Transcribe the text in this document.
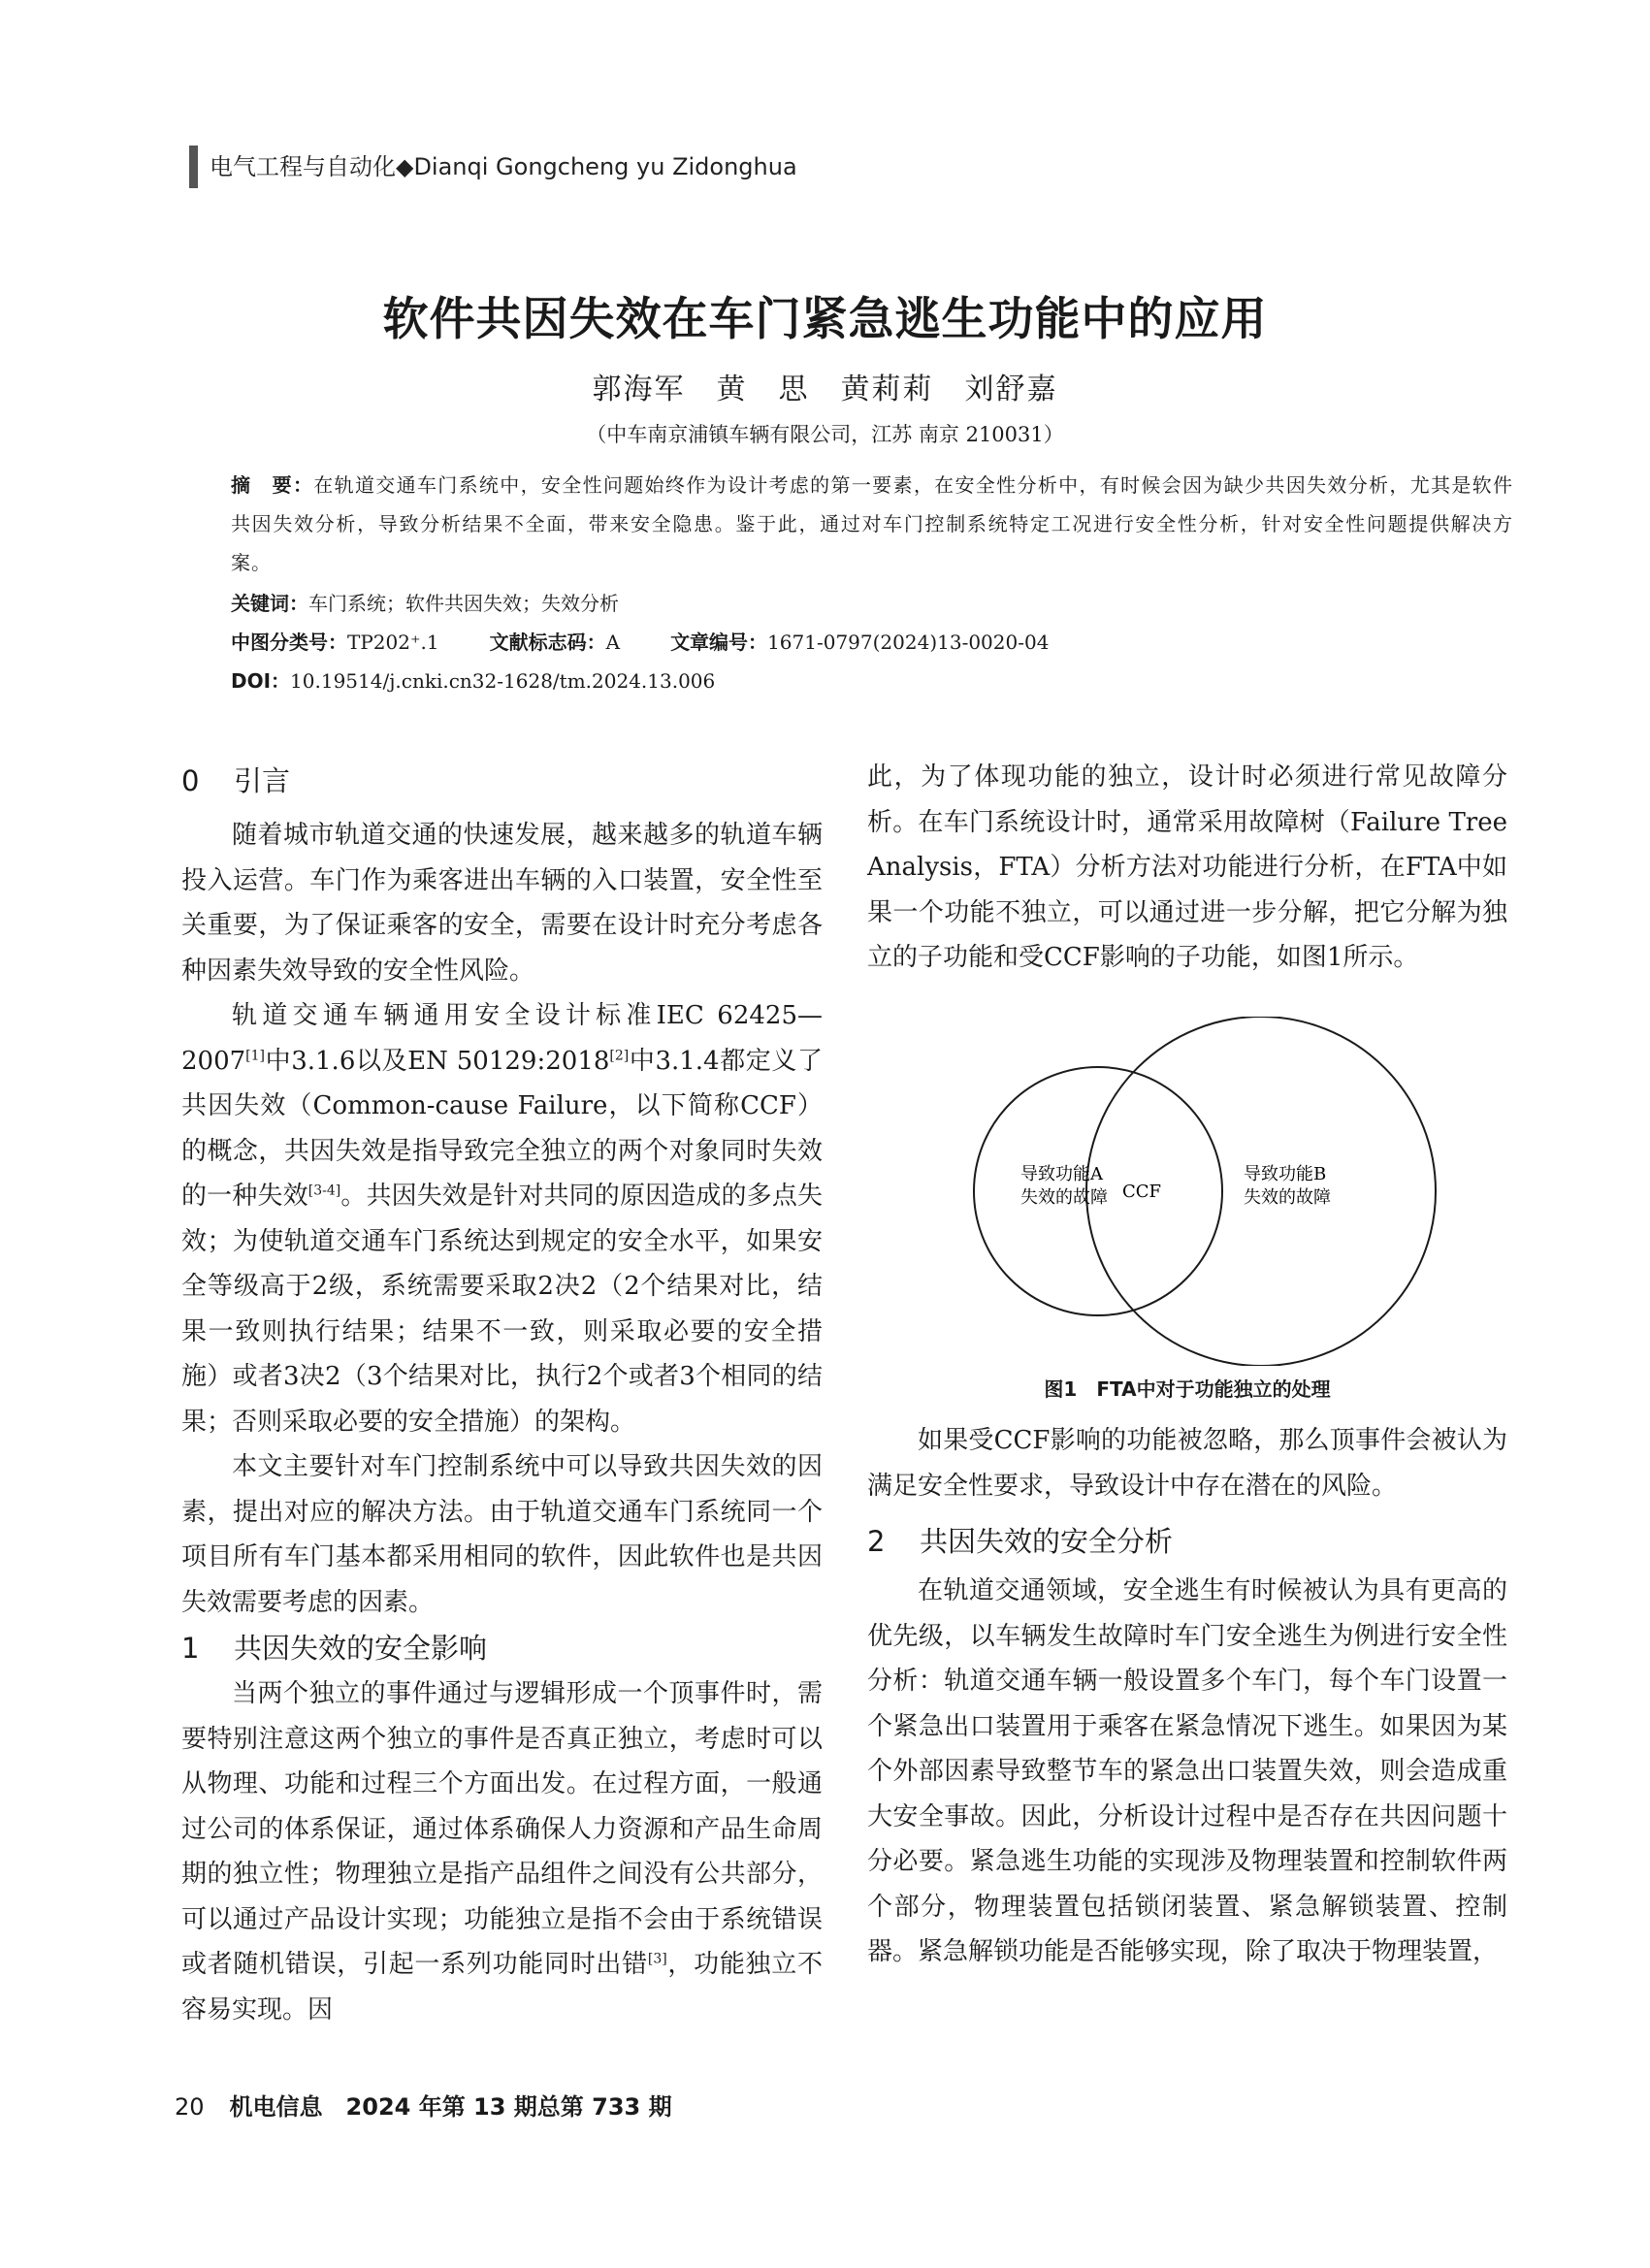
电气工程与自动化◆Dianqi Gongcheng yu Zidonghua
软件共因失效在车门紧急逃生功能中的应用
郭海军　黄　思　黄莉莉　刘舒嘉
（中车南京浦镇车辆有限公司，江苏 南京 210031）
摘　要：在轨道交通车门系统中，安全性问题始终作为设计考虑的第一要素，在安全性分析中，有时候会因为缺少共因失效分析，尤其是软件共因失效分析，导致分析结果不全面，带来安全隐患。鉴于此，通过对车门控制系统特定工况进行安全性分析，针对安全性问题提供解决方案。
关键词：车门系统；软件共因失效；失效分析
中图分类号：TP202⁺.1	文献标志码：A	文章编号：1671-0797(2024)13-0020-04
DOI：10.19514/j.cnki.cn32-1628/tm.2024.13.006
0 引言

随着城市轨道交通的快速发展，越来越多的轨道车辆投入运营。车门作为乘客进出车辆的入口装置，安全性至关重要，为了保证乘客的安全，需要在设计时充分考虑各种因素失效导致的安全性风险。

轨道交通车辆通用安全设计标准IEC 62425—2007[1]中3.1.6以及EN 50129:2018[2]中3.1.4都定义了共因失效（Common-cause Failure，以下简称CCF）的概念，共因失效是指导致完全独立的两个对象同时失效的一种失效[3-4]。共因失效是针对共同的原因造成的多点失效；为使轨道交通车门系统达到规定的安全水平，如果安全等级高于2级，系统需要采取2决2（2个结果对比，结果一致则执行结果；结果不一致，则采取必要的安全措施）或者3决2（3个结果对比，执行2个或者3个相同的结果；否则采取必要的安全措施）的架构。

本文主要针对车门控制系统中可以导致共因失效的因素，提出对应的解决方法。由于轨道交通车门系统同一个项目所有车门基本都采用相同的软件，因此软件也是共因失效需要考虑的因素。

1 共因失效的安全影响

当两个独立的事件通过与逻辑形成一个顶事件时，需要特别注意这两个独立的事件是否真正独立，考虑时可以从物理、功能和过程三个方面出发。在过程方面，一般通过公司的体系保证，通过体系确保人力资源和产品生命周期的独立性；物理独立是指产品组件之间没有公共部分，可以通过产品设计实现；功能独立是指不会由于系统错误或者随机错误，引起一系列功能同时出错[3]，功能独立不容易实现。因

此，为了体现功能的独立，设计时必须进行常见故障分析。在车门系统设计时，通常采用故障树（Failure Tree Analysis，FTA）分析方法对功能进行分析，在FTA中如果一个功能不独立，可以通过进一步分解，把它分解为独立的子功能和受CCF影响的子功能，如图1所示。

导致功能A
失效的故障 CCF
导致功能B
失效的故障
图1　FTA中对于功能独立的处理

如果受CCF影响的功能被忽略，那么顶事件会被认为满足安全性要求，导致设计中存在潜在的风险。

2 共因失效的安全分析

在轨道交通领域，安全逃生有时候被认为具有更高的优先级，以车辆发生故障时车门安全逃生为例进行安全性分析：轨道交通车辆一般设置多个车门，每个车门设置一个紧急出口装置用于乘客在紧急情况下逃生。如果因为某个外部因素导致整节车的紧急出口装置失效，则会造成重大安全事故。因此，分析设计过程中是否存在共因问题十分必要。紧急逃生功能的实现涉及物理装置和控制软件两个部分，物理装置包括锁闭装置、紧急解锁装置、控制器。紧急解锁功能是否能够实现，除了取决于物理装置，

20 机电信息　2024 年第 13 期总第 733 期
